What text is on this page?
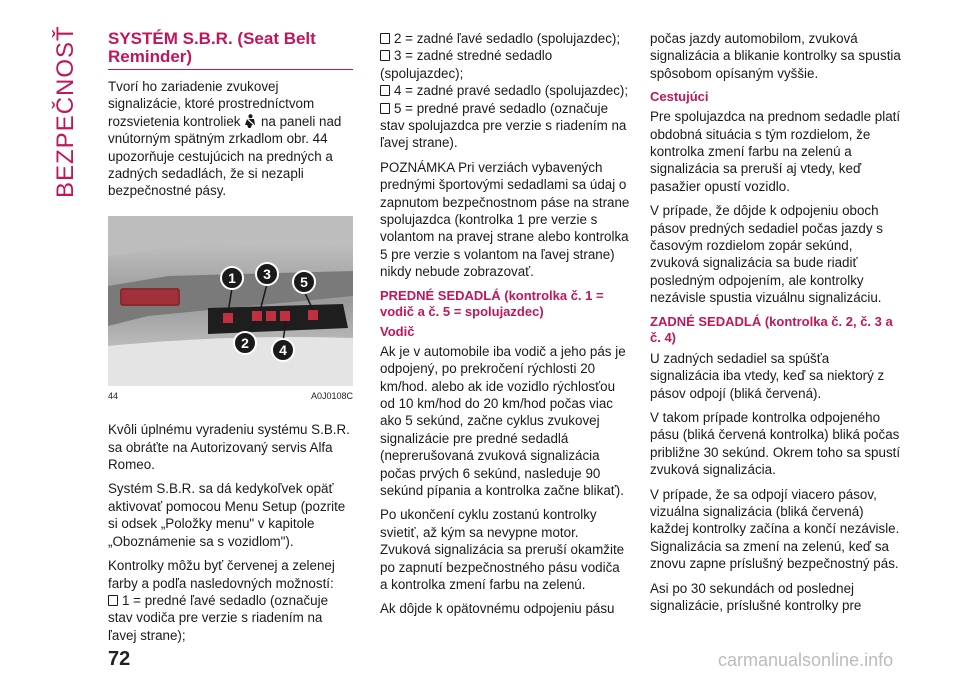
BEZPEČNOSŤ SYSTÉM S.B.R. (Seat Belt Reminder)

Tvorí ho zariadenie zvukovej signalizácie, ktoré prostredníctvom rozsvietenia kontroliek na paneli nad vnútorným spätným zrkadlom obr. 44 upozorňuje cestujúcich na predných a zadných sedadlách, že si nezapli bezpečnostné pásy.

1 3 5
2 4
44	A0J0108C

Kvôli úplnému vyradeniu systému S.B.R. sa obráťte na Autorizovaný servis Alfa Romeo.

Systém S.B.R. sa dá kedykoľvek opäť aktivovať pomocou Menu Setup (pozrite si odsek „Položky menu" v kapitole „Oboznámenie sa s vozidlom").

Kontrolky môžu byť červenej a zelenej farby a podľa nasledovných možností:

1 = predné ľavé sedadlo (označuje stav vodiča pre verzie s riadením na ľavej strane);

2 = zadné ľavé sedadlo (spolujazdec);

3 = zadné stredné sedadlo (spolujazdec);

4 = zadné pravé sedadlo (spolujazdec);

5 = predné pravé sedadlo (označuje stav spolujazdca pre verzie s riadením na ľavej strane).

POZNÁMKA Pri verziách vybavených prednými športovými sedadlami sa údaj o zapnutom bezpečnostnom páse na strane spolujazdca (kontrolka 1 pre verzie s volantom na pravej strane alebo kontrolka 5 pre verzie s volantom na ľavej strane) nikdy nebude zobrazovať.

PREDNÉ SEDADLÁ (kontrolka č. 1 = vodič a č. 5 = spolujazdec)
Vodič

Ak je v automobile iba vodič a jeho pás je odpojený, po prekročení rýchlosti 20 km/hod. alebo ak ide vozidlo rýchlosťou od 10 km/hod do 20 km/hod počas viac ako 5 sekúnd, začne cyklus zvukovej signalizácie pre predné sedadlá (neprerušovaná zvuková signalizácia počas prvých 6 sekúnd, nasleduje 90 sekúnd pípania a kontrolka začne blikať).

Po ukončení cyklu zostanú kontrolky svietiť, až kým sa nevypne motor. Zvuková signalizácia sa preruší okamžite po zapnutí bezpečnostného pásu vodiča a kontrolka zmení farbu na zelenú.

Ak dôjde k opätovnému odpojeniu pásu

počas jazdy automobilom, zvuková signalizácia a blikanie kontrolky sa spustia spôsobom opísaným vyššie.

Cestujúci

Pre spolujazdca na prednom sedadle platí obdobná situácia s tým rozdielom, že kontrolka zmení farbu na zelenú a signalizácia sa preruší aj vtedy, keď pasažier opustí vozidlo.

V prípade, že dôjde k odpojeniu oboch pásov predných sedadiel počas jazdy s časovým rozdielom zopár sekúnd, zvuková signalizácia sa bude riadiť posledným odpojením, ale kontrolky nezávisle spustia vizuálnu signalizáciu.

ZADNÉ SEDADLÁ (kontrolka č. 2, č. 3 a č. 4)

U zadných sedadiel sa spúšťa signalizácia iba vtedy, keď sa niektorý z pásov odpojí (bliká červená).

V takom prípade kontrolka odpojeného pásu (bliká červená kontrolka) bliká počas približne 30 sekúnd. Okrem toho sa spustí zvuková signalizácia.

V prípade, že sa odpojí viacero pásov, vizuálna signalizácia (bliká červená) každej kontrolky začína a končí nezávisle. Signalizácia sa zmení na zelenú, keď sa znovu zapne príslušný bezpečnostný pás.

Asi po 30 sekundách od poslednej signalizácie, príslušné kontrolky pre

72	carmanualsonline.info
